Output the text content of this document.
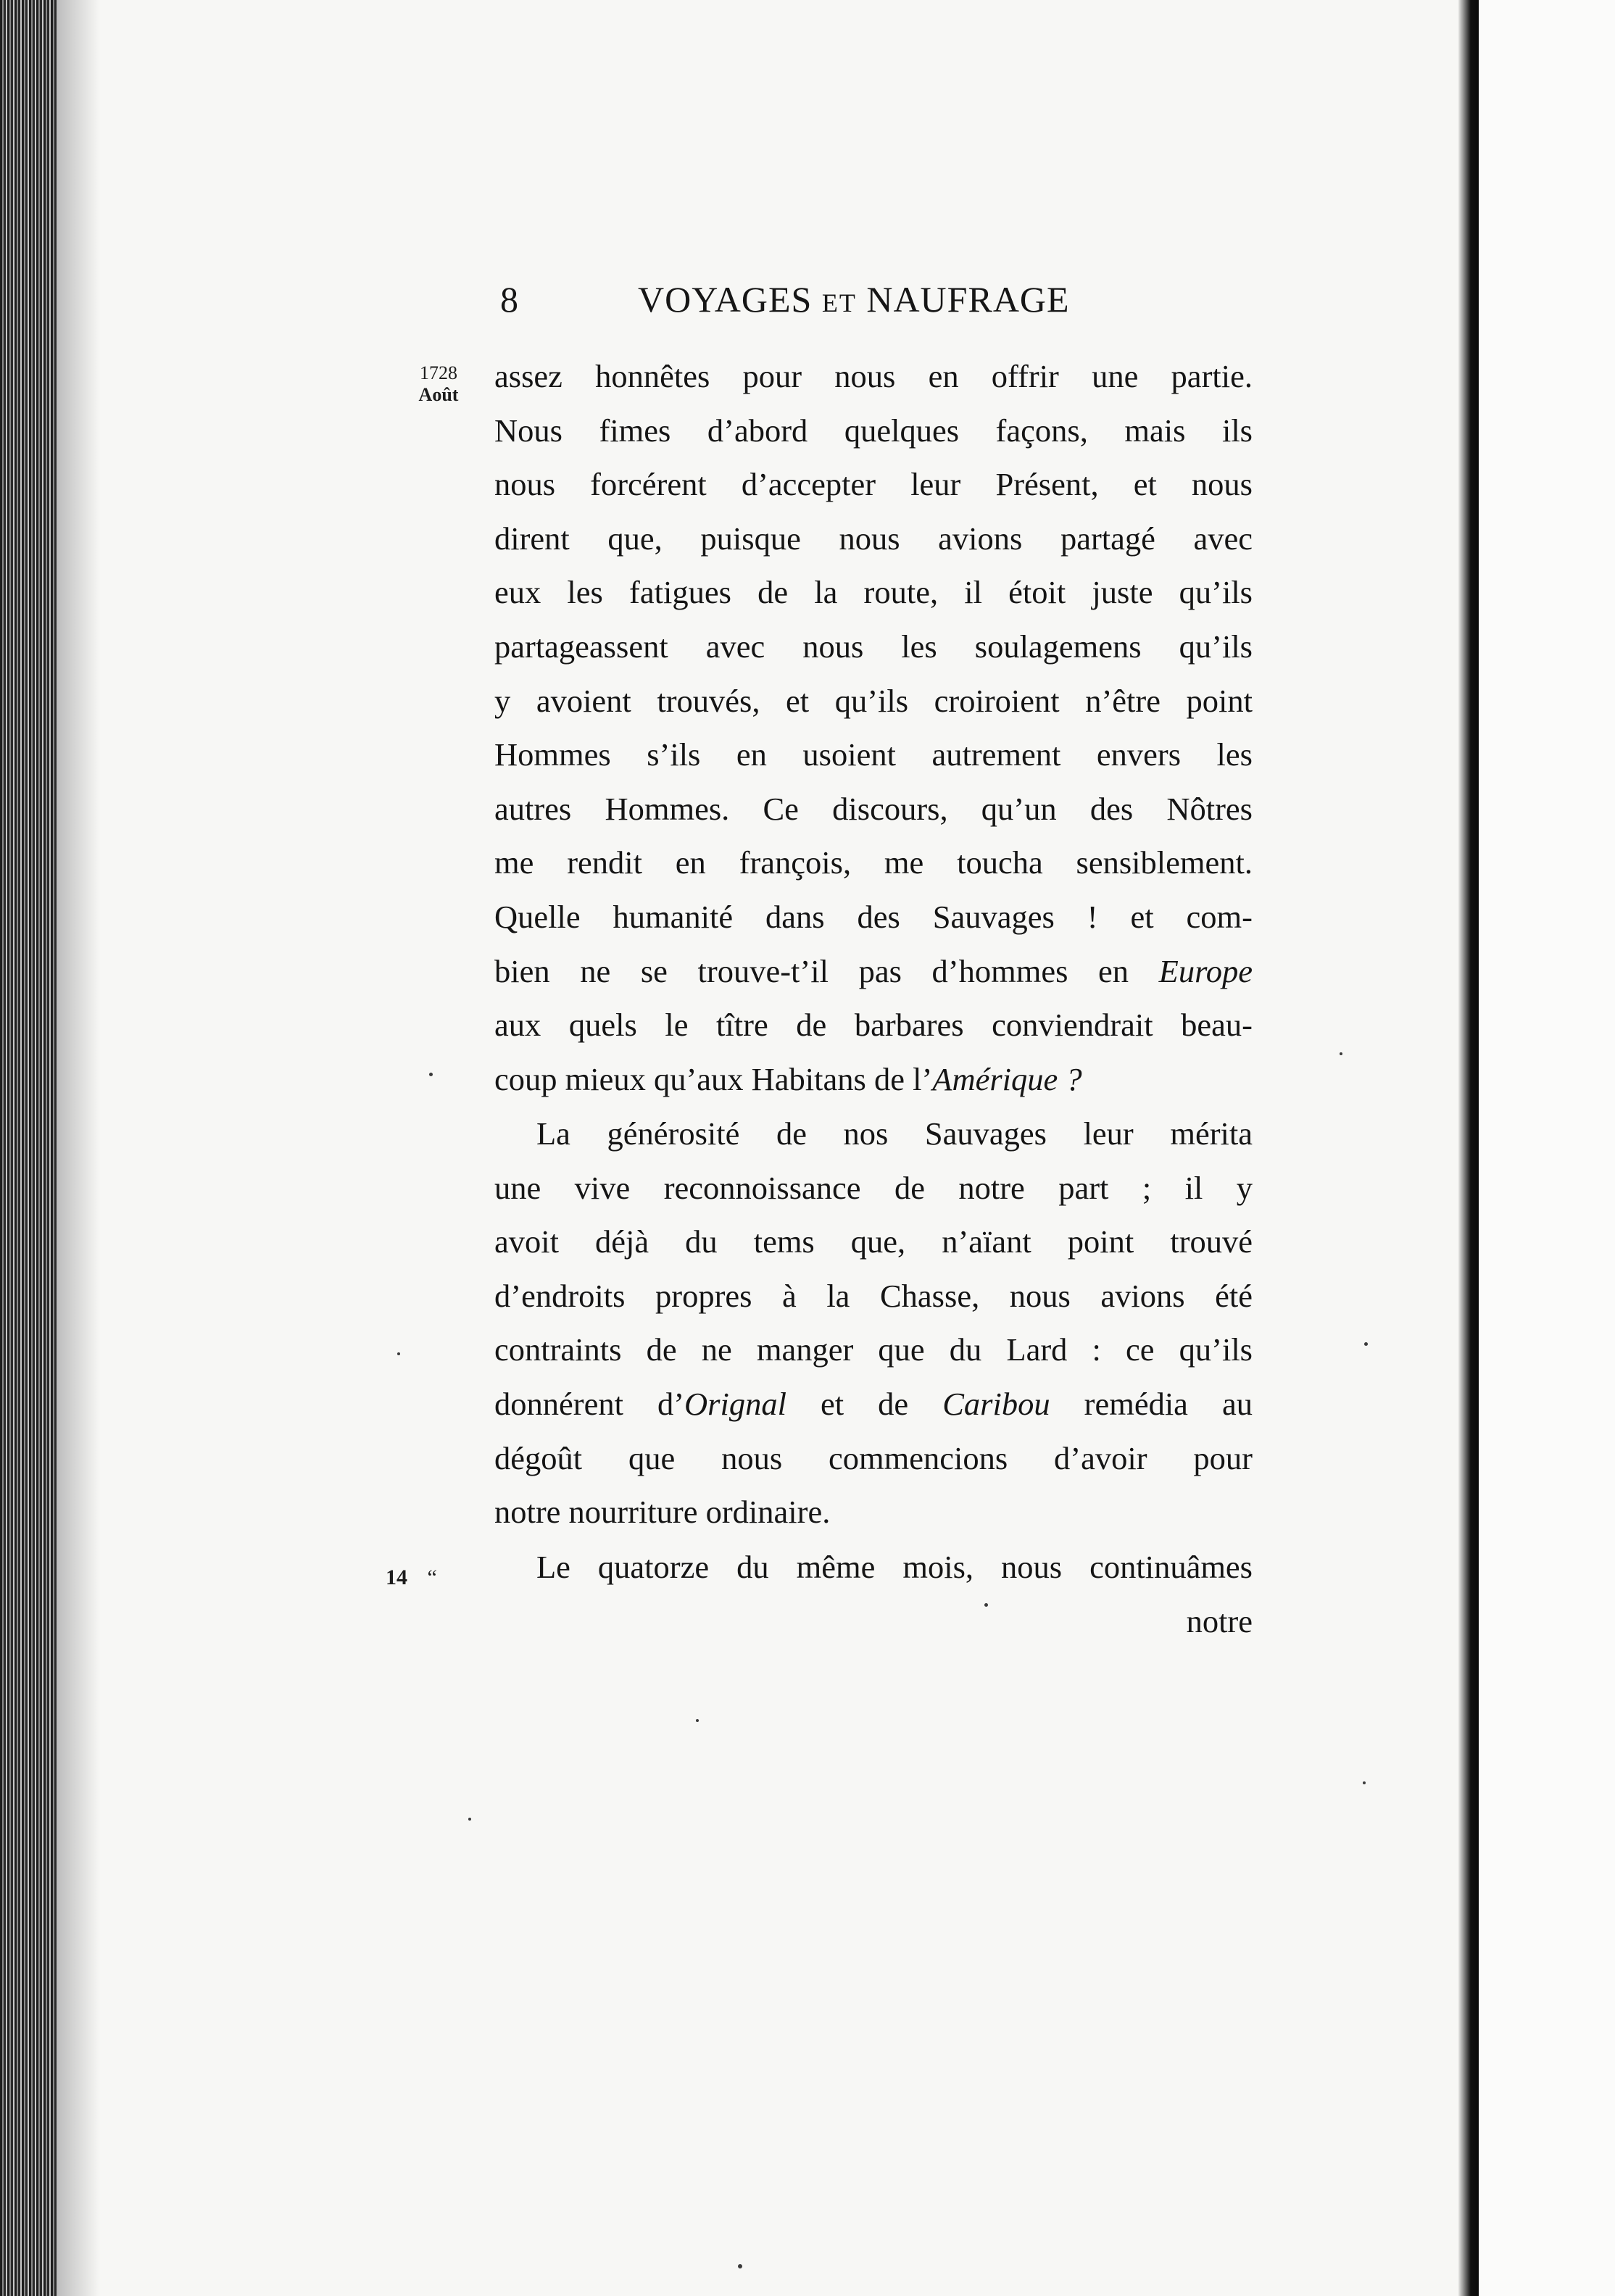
8	VOYAGES ET NAUFRAGE
1728
Août
14 “

assez honnêtes pour nous en offrir une partie.
Nous fimes d’abord quelques façons, mais ils
nous forcérent d’accepter leur Présent, et nous
dirent que, puisque nous avions partagé avec
eux les fatigues de la route, il étoit juste qu’ils
partageassent avec nous les soulagemens qu’ils
y avoient trouvés, et qu’ils croiroient n’être point
Hommes s’ils en usoient autrement envers les
autres Hommes. Ce discours, qu’un des Nôtres
me rendit en françois, me toucha sensiblement.
Quelle humanité dans des Sauvages ! et com-
bien ne se trouve-t’il pas d’hommes en Europe
aux quels le tître de barbares conviendrait beau-
coup mieux qu’aux Habitans de l’Amérique ?

La générosité de nos Sauvages leur mérita
une vive reconnoissance de notre part ; il y
avoit déjà du tems que, n’aïant point trouvé
d’endroits propres à la Chasse, nous avions été
contraints de ne manger que du Lard : ce qu’ils
donnérent d’Orignal et de Caribou remédia au
dégoût que nous commencions d’avoir pour
notre nourriture ordinaire.

Le quatorze du même mois, nous continuâmes
notre
